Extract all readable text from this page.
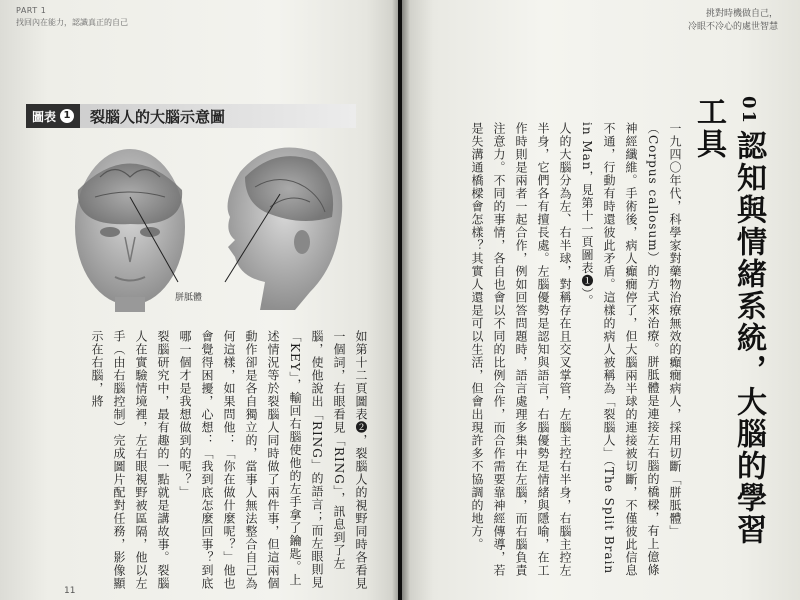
PART 1
找回內在能力，認識真正的自己
圖表 1 裂腦人的大腦示意圖
胼胝體

如第十二頁圖表❷，裂腦人的視野同時各看見一個詞，右眼看見「RING」，訊息到了左腦，使他說出「RING」的語言；而左眼則見「KEY」，輸回右腦使他的左手拿了鑰匙。上述情況等於裂腦人同時做了兩件事，但這兩個動作卻是各自獨立的，當事人無法整合自己為何這樣，如果問他：「你在做什麼呢？」他也會覺得困擾，心想：「我到底怎麼回事？到底哪一個才是我想做到的呢？」

裂腦研究中，最有趣的一點就是講故事。裂腦人在實驗情境裡，左右眼視野被區隔，他以左手（由右腦控制）完成圖片配對任務，影像顯示在右腦，將

11
挑對時機做自己，
冷眼不冷心的處世智慧
01 認知與情緒系統，大腦的學習工具

一九四〇年代，科學家對藥物治療無效的癲癇病人，採用切斷「胼胝體」（Corpus callosum）的方式來治療。胼胝體是連接左右腦的橋樑，有上億條神經纖維。手術後，病人癲癇停了，但大腦兩半球的連接被切斷，不僅彼此信息不通，行動有時還彼此矛盾。這樣的病人被稱為「裂腦人」（The Split Brain in Man，見第十一頁圖表❶）。

人的大腦分為左、右半球，對稱存在且交叉掌管，左腦主控右半身，右腦主控左半身，它們各有擅長處。左腦優勢是認知與語言，右腦優勢是情緒與隱喻，在工作時則是兩者一起合作，例如回答問題時，語言處理多集中在左腦，而右腦負責注意力。不同的事情，各自也會以不同的比例合作，而合作需要靠神經傳導，若是失溝通橋樑會怎樣？其實人還是可以生活，但會出現許多不協調的地方。
